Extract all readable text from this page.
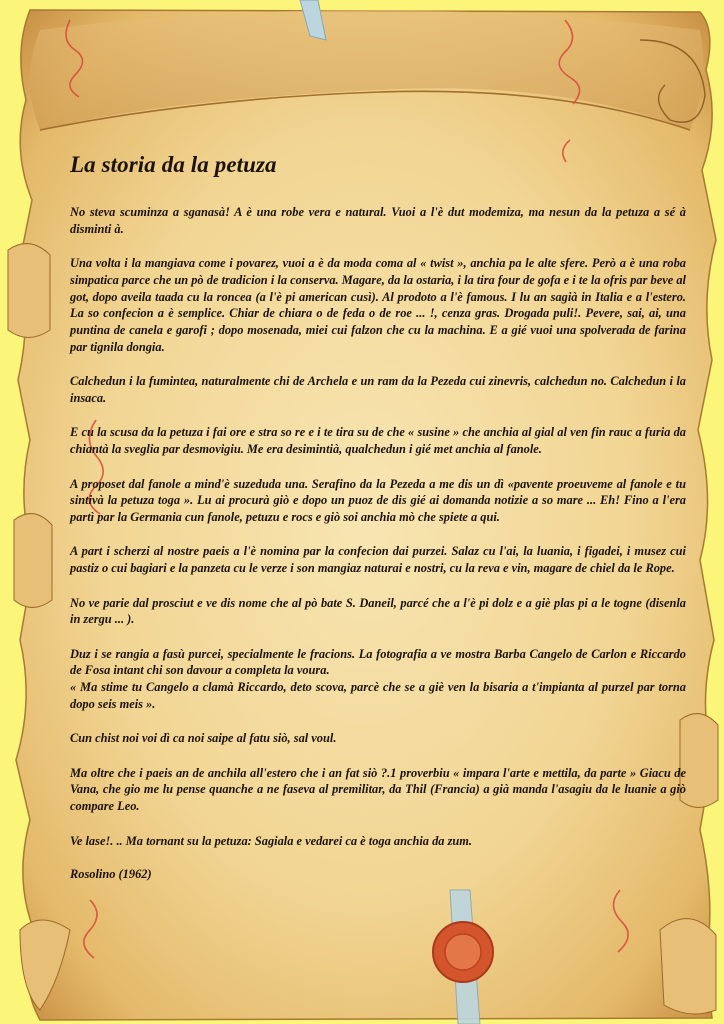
La storia da la petuza

No steva scuminza a sganasà! A è una robe vera e natural. Vuoi a l'è dut modemiza, ma nesun da la petuza a sé à disminti à.

Una volta i la mangiava come i povarez, vuoi a è da moda coma al « twist », anchia pa le alte sfere. Però a è una roba simpatica parce che un pò de tradicion i la conserva. Magare, da la ostaria, i la tira four de gofa e i te la ofris par beve al got, dopo aveila taada cu la roncea (a l'è pi american cusì). Al prodoto a l'è famous. I lu an sagià in Italia e a l'estero. La so confecion a è semplice. Chiar de chiara o de feda o de roe ... !, cenza gras. Drogada puli!. Pevere, sai, ai, una puntina de canela e garofi ; dopo mosenada, miei cui falzon che cu la machina. E a gié vuoi una spolverada de farina par tignila dongia.

Calchedun i la fumintea, naturalmente chi de Archela e un ram da la Pezeda cui zinevris, calchedun no. Calchedun i la insaca.

E cu la scusa da la petuza i fai ore e stra so re e i te tira su de che « susine » che anchia al gial al ven fin rauc a furia da chiantà la sveglia par desmovigiu. Me era desimintià, qualchedun i gié met anchia al fanole.

A proposet dal fanole a mind'è suzeduda una. Serafino da la Pezeda a me dis un dì «pavente proeuveme al fanole e tu sintivà la petuza toga ». Lu ai procurà giò e dopo un puoz de dis gié ai domanda notizie a so mare ... Eh! Fino a l'era partì par la Germania cun fanole, petuzu e rocs e giò soi anchia mò che spiete a qui.

A part i scherzi al nostre paeis a l'è nomina par la confecion dai purzei. Salaz cu l'ai, la luania, i figadei, i musez cui pastiz o cui bagiari e la panzeta cu le verze i son mangiaz naturai e nostri, cu la reva e vin, magare de chiel da le Rope.

No ve parie dal prosciut e ve dis nome che al pò bate S. Daneil, parcé che a l'è pi dolz e a giè plas pi a le togne (disenla in zergu ... ).

Duz i se rangia a fasù purcei, specialmente le fracions. La fotografia a ve mostra Barba Cangelo de Carlon e Riccardo de Fosa intant chi son davour a completa la voura.

« Ma stime tu Cangelo a clamà Riccardo, deto scova, parcè che se a giè ven la bisaria a t'impianta al purzel par torna dopo seis meis ».

Cun chist noi voi dì ca noi saipe al fatu siò, sal voul.

Ma oltre che i paeis an de anchila all'estero che i an fat siò ?.1 proverbiu « impara l'arte e mettila, da parte » Giacu de Vana, che gio me lu pense quanche a ne faseva al premilitar, da Thil (Francia) a già manda l'asagiu da le luanie a giò compare Leo.

Ve lase!. .. Ma tornant su la petuza: Sagiala e vedarei ca è toga anchia da zum.

Rosolino (1962)
